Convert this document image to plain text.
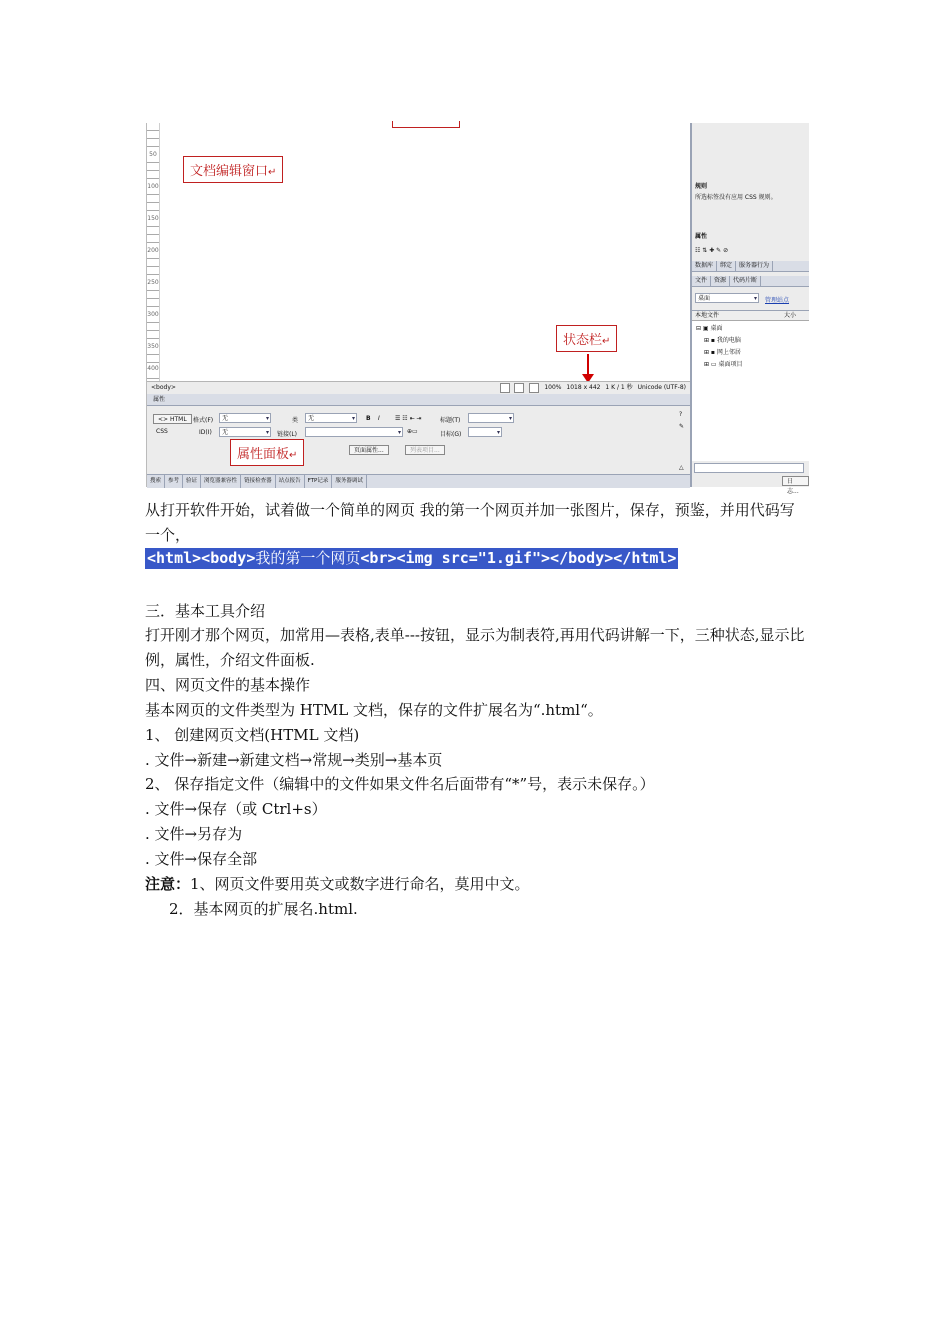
50
100
150
200
250
300
350
400
文档编辑窗口 ↵
↵
状态栏 ↵
<body>	100% 1018 x 442 1 K / 1 秒 Unicode (UTF-8)
属性
<> HTML
CSS
格式(F)	无 ▾	类	无 ▾	B I	☰ ☷ ⇤ ⇥	标题(T)
▾
ID(I)	无 ▾	链接(L)
▾	⊕▭	目标(G)
▾
?
✎
页面属性...	列表项目...
△
属性面板 ↵
搜索 参考 验证 浏览器兼容性 链接检查器 站点报告 FTP记录 服务器调试
规则
所选标签没有应用 CSS 规则。
属性
☷ ⇅ ✚ ✎ ⊘
数据库 绑定 服务器行为
文件 资源 代码片断
桌面 ▾	管理站点
本地文件	大小
⊟ ▣ 桌面
⊞ ▪ 我的电脑
⊞ ▪ 网上邻居
⊞ ▭ 桌面项目
日志...
从打开软件开始，试着做一个简单的网页 我的第一个网页并加一张图片，保存，预鉴，并用代码写一个，
<html><body>我的第一个网页<br><img src="1.gif"></body></html>
三．基本工具介绍
打开刚才那个网页，加常用—表格,表单---按钮，显示为制表符,再用代码讲解一下，三种状态,显示比例，属性，介绍文件面板.
四、网页文件的基本操作
基本网页的文件类型为 HTML 文档，保存的文件扩展名为“.html“。
1、 创建网页文档(HTML 文档)
. 文件→新建→新建文档→常规→类别→基本页
2、 保存指定文件（编辑中的文件如果文件名后面带有“*”号，表示未保存。）
. 文件→保存（或 Ctrl+s）
. 文件→另存为
. 文件→保存全部
注意：1、网页文件要用英文或数字进行命名，莫用中文。
2．基本网页的扩展名.html.
